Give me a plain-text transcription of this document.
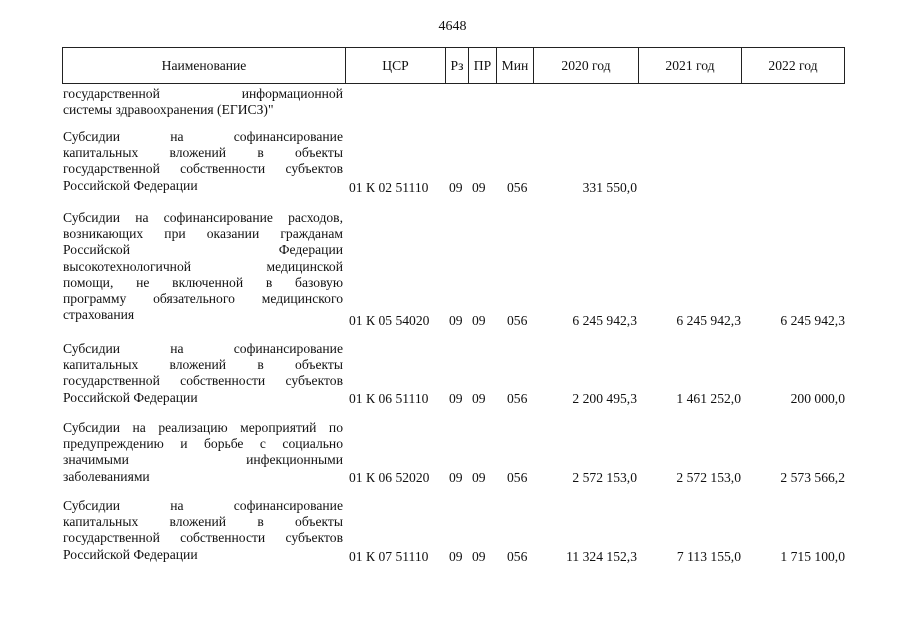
4648
Наименование	ЦСР	Рз ПР Мин	2020 год	2021 год	2022 год
государственной информационной
системы здравоохранения (ЕГИСЗ)"
Субсидии на софинансирование
капитальных вложений в объекты
государственной собственности субъектов
Российской Федерации	01 К 02 51110 09 09 056	331 550,0
Субсидии на софинансирование расходов,
возникающих при оказании гражданам
Российской Федерации
высокотехнологичной медицинской
помощи, не включенной в базовую
программу обязательного медицинского
страхования	01 К 05 54020 09 09 056	6 245 942,3	6 245 942,3	6 245 942,3
Субсидии на софинансирование
капитальных вложений в объекты
государственной собственности субъектов
Российской Федерации	01 К 06 51110 09 09 056	2 200 495,3	1 461 252,0	200 000,0
Субсидии на реализацию мероприятий по
предупреждению и борьбе с социально
значимыми инфекционными
заболеваниями	01 К 06 52020 09 09 056	2 572 153,0	2 572 153,0	2 573 566,2
Субсидии на софинансирование
капитальных вложений в объекты
государственной собственности субъектов
Российской Федерации	01 К 07 51110 09 09 056	11 324 152,3	7 113 155,0	1 715 100,0
